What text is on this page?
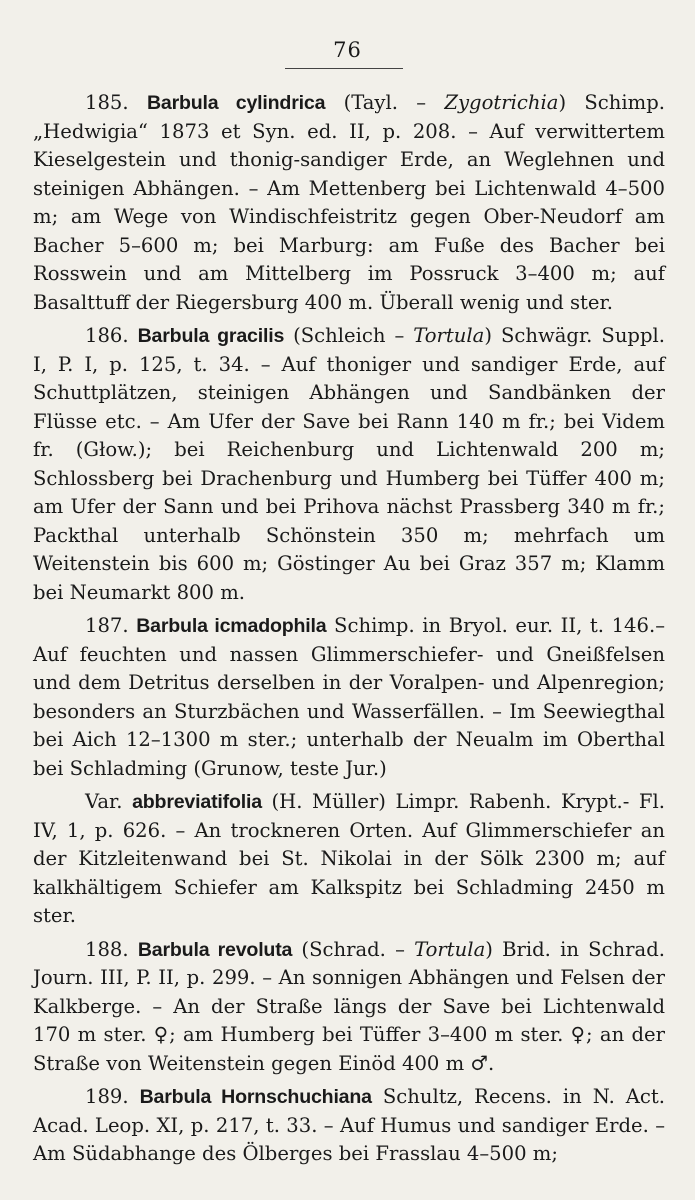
76

185. Barbula cylindrica (Tayl. – Zygotrichia) Schimp. „Hedwigia“ 1873 et Syn. ed. II, p. 208. – Auf verwittertem Kieselgestein und thonig-sandiger Erde, an Weglehnen und steinigen Abhängen. – Am Mettenberg bei Lichtenwald 4–500 m; am Wege von Windischfeistritz gegen Ober-Neudorf am Bacher 5–600 m; bei Marburg: am Fuße des Bacher bei Rosswein und am Mittelberg im Possruck 3–400 m; auf Basalttuff der Riegersburg 400 m. Überall wenig und ster.

186. Barbula gracilis (Schleich – Tortula) Schwägr. Suppl. I, P. I, p. 125, t. 34. – Auf thoniger und sandiger Erde, auf Schuttplätzen, steinigen Abhängen und Sandbänken der Flüsse etc. – Am Ufer der Save bei Rann 140 m fr.; bei Videm fr. (Głow.); bei Reichenburg und Lichtenwald 200 m; Schlossberg bei Drachenburg und Humberg bei Tüffer 400 m; am Ufer der Sann und bei Prihova nächst Prassberg 340 m fr.; Packthal unterhalb Schönstein 350 m; mehrfach um Weitenstein bis 600 m; Göstinger Au bei Graz 357 m; Klamm bei Neumarkt 800 m.

187. Barbula icmadophila Schimp. in Bryol. eur. II, t. 146.– Auf feuchten und nassen Glimmerschiefer- und Gneißfelsen und dem Detritus derselben in der Voralpen- und Alpenregion; besonders an Sturzbächen und Wasserfällen. – Im Seewiegthal bei Aich 12–1300 m ster.; unterhalb der Neualm im Oberthal bei Schladming (Grunow, teste Jur.)

Var. abbreviatifolia (H. Müller) Limpr. Rabenh. Krypt.- Fl. IV, 1, p. 626. – An trockneren Orten. Auf Glimmerschiefer an der Kitzleitenwand bei St. Nikolai in der Sölk 2300 m; auf kalkhältigem Schiefer am Kalkspitz bei Schladming 2450 m ster.

188. Barbula revoluta (Schrad. – Tortula) Brid. in Schrad. Journ. III, P. II, p. 299. – An sonnigen Abhängen und Felsen der Kalkberge. – An der Straße längs der Save bei Lichtenwald 170 m ster. ♀; am Humberg bei Tüffer 3–400 m ster. ♀; an der Straße von Weitenstein gegen Einöd 400 m ♂.

189. Barbula Hornschuchiana Schultz, Recens. in N. Act. Acad. Leop. XI, p. 217, t. 33. – Auf Humus und sandiger Erde. – Am Südabhange des Ölberges bei Frasslau 4–500 m;
